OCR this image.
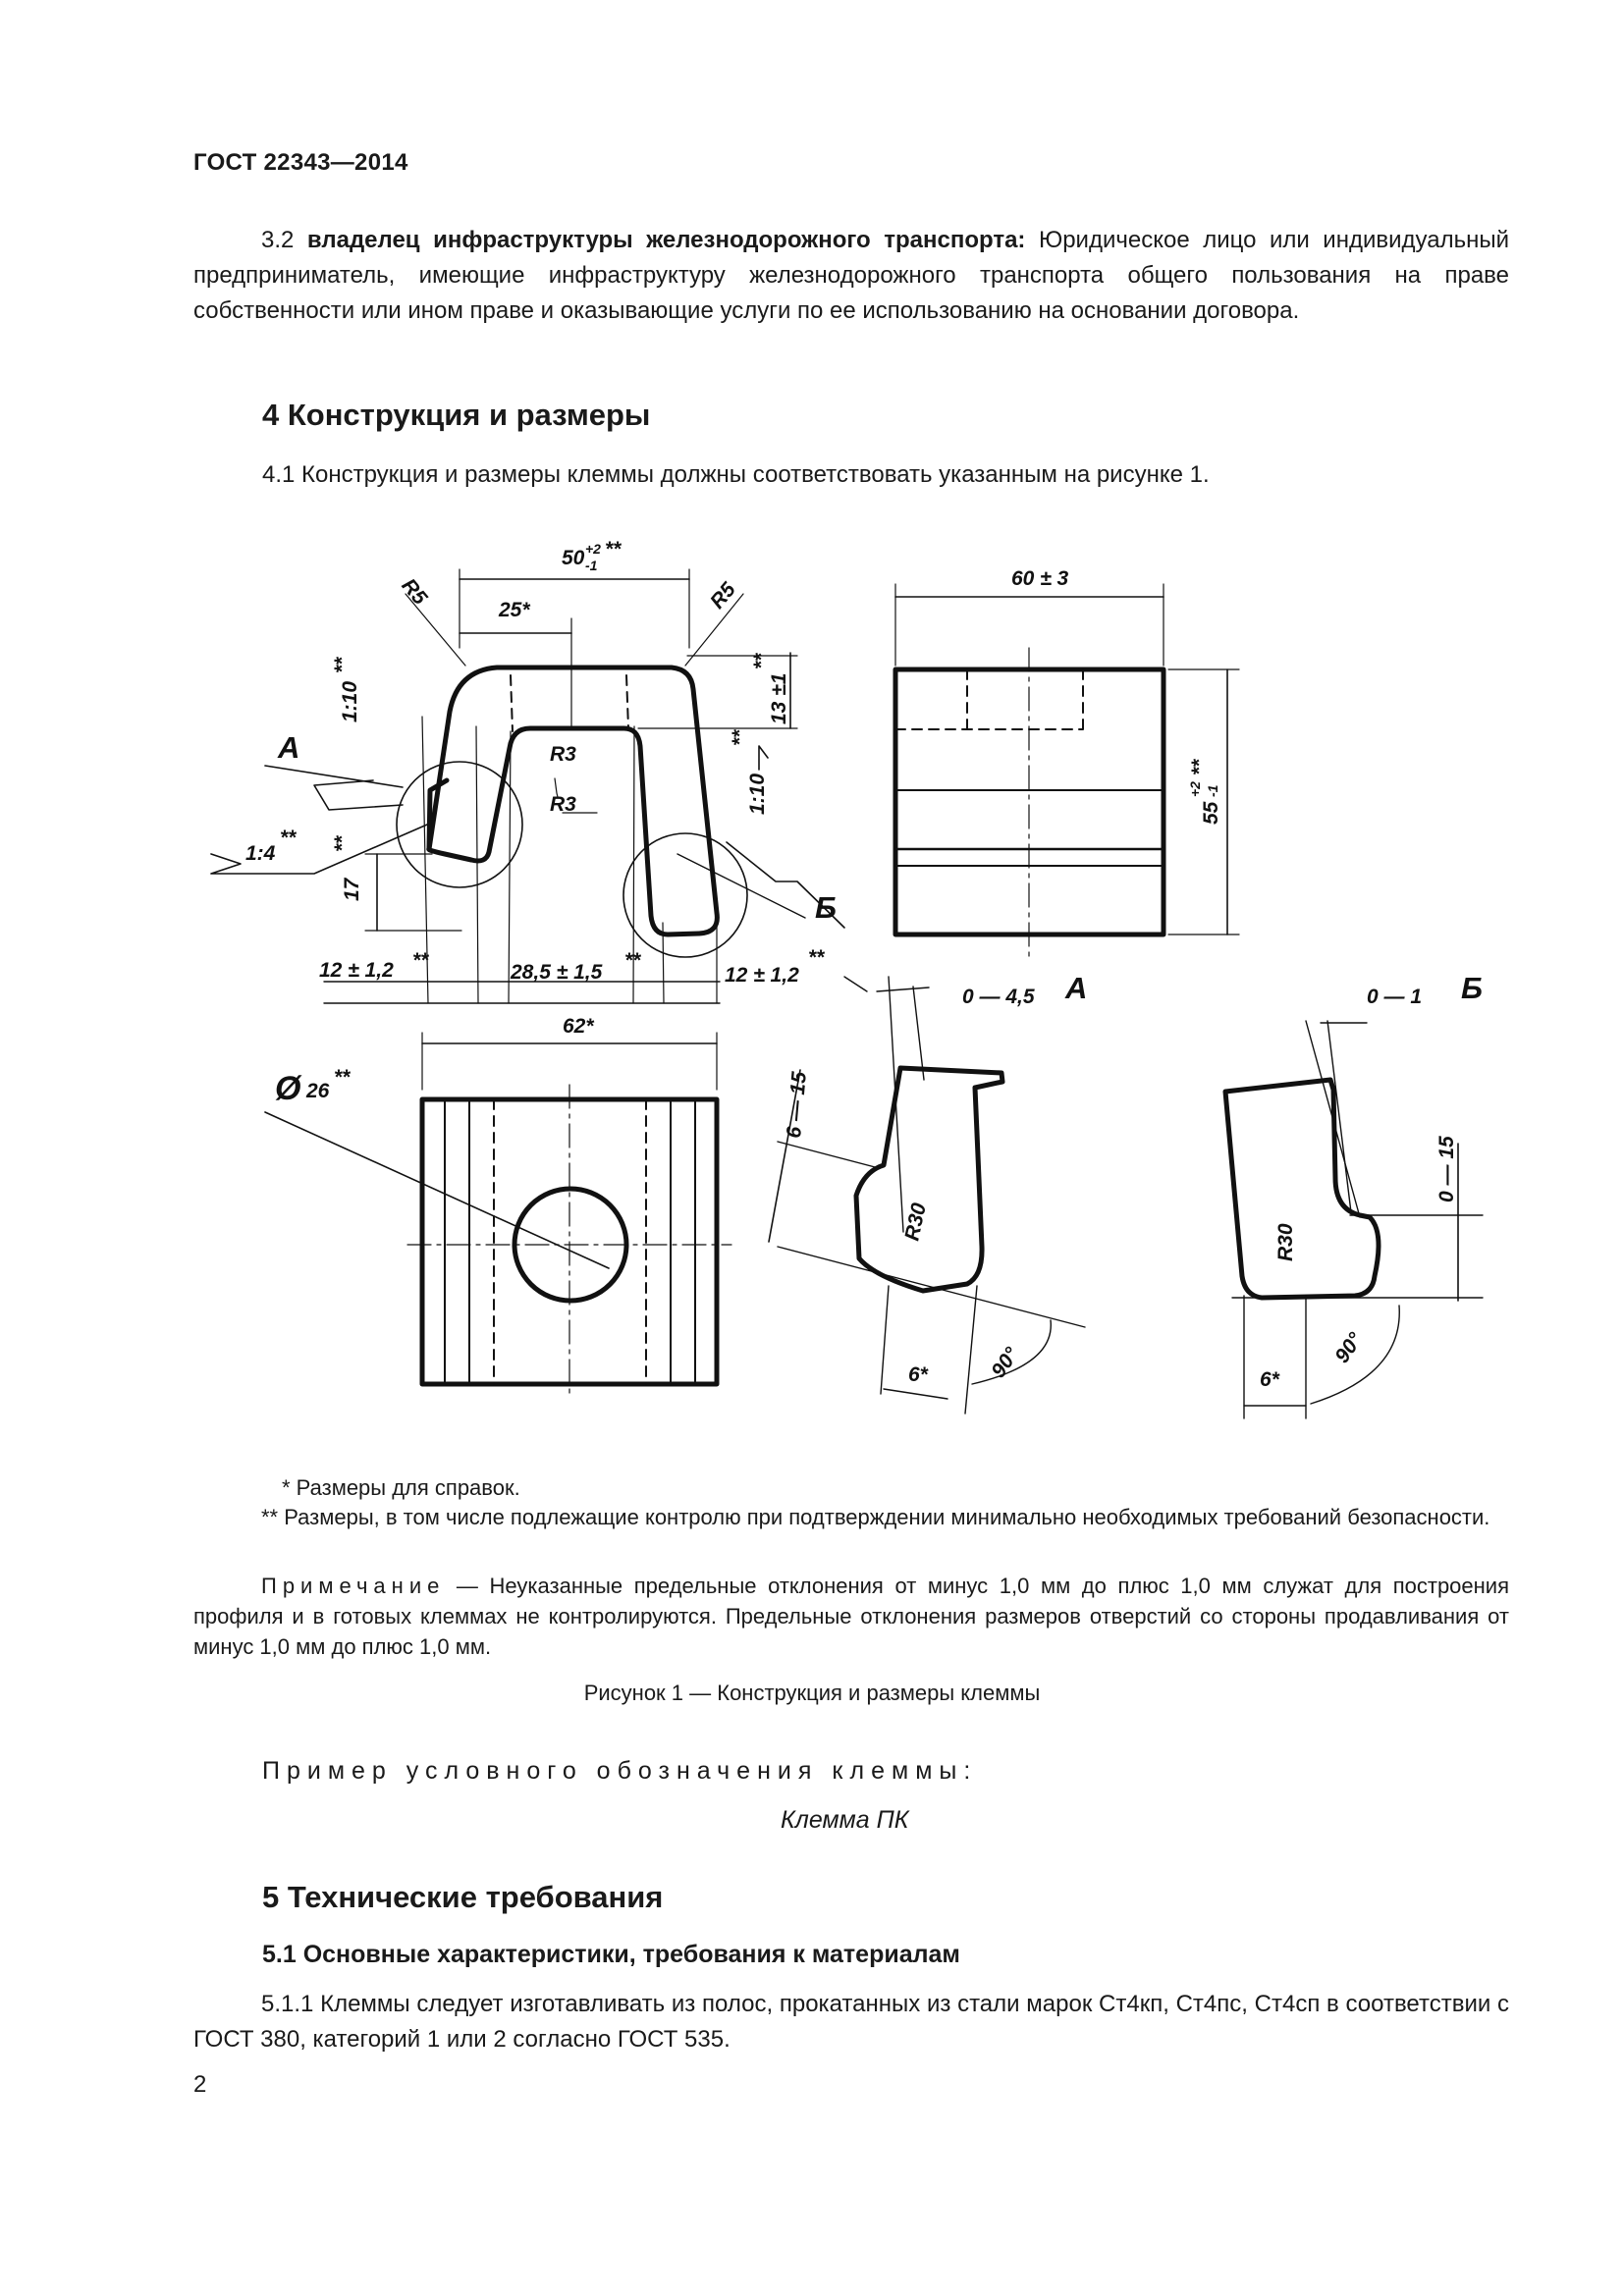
ГОСТ 22343—2014
3.2 владелец инфраструктуры железнодорожного транспорта: Юридическое лицо или индивидуальный предприниматель, имеющие инфраструктуру железнодорожного транспорта общего пользования на праве собственности или ином праве и оказывающие услуги по ее использованию на основании договора.
4 Конструкция и размеры
4.1 Конструкция и размеры клеммы должны соответствовать указанным на рисунке 1.
50 +2
-1
**
25*
R5	R5
R3
R3
1:10
**
13 ±1
**
1:10
**
17
**
1:4
**
12 ± 1,2 **
28,5 ± 1,5
**
12 ± 1,2
**
62*
Ø 26
**
60 ± 3
55
+2 -1
**
0 — 4,5	0 — 1
6 — 15
0 — 15
R30	R30
6*	6*
90°	90°
А
Б
А	Б
* Размеры для справок.
** Размеры, в том числе подлежащие контролю при подтверждении минимально необходимых требований безопасности.
Примечание — Неуказанные предельные отклонения от минус 1,0 мм до плюс 1,0 мм служат для построения профиля и в готовых клеммах не контролируются. Предельные отклонения размеров отверстий со стороны продавливания от минус 1,0 мм до плюс 1,0 мм.
Рисунок 1 — Конструкция и размеры клеммы
Пример условного обозначения клеммы:
Клемма ПК
5 Технические требования
5.1 Основные характеристики, требования к материалам
5.1.1 Клеммы следует изготавливать из полос, прокатанных из стали марок Ст4кп, Ст4пс, Ст4сп в соответствии с ГОСТ 380, категорий 1 или 2 согласно ГОСТ 535.
2
